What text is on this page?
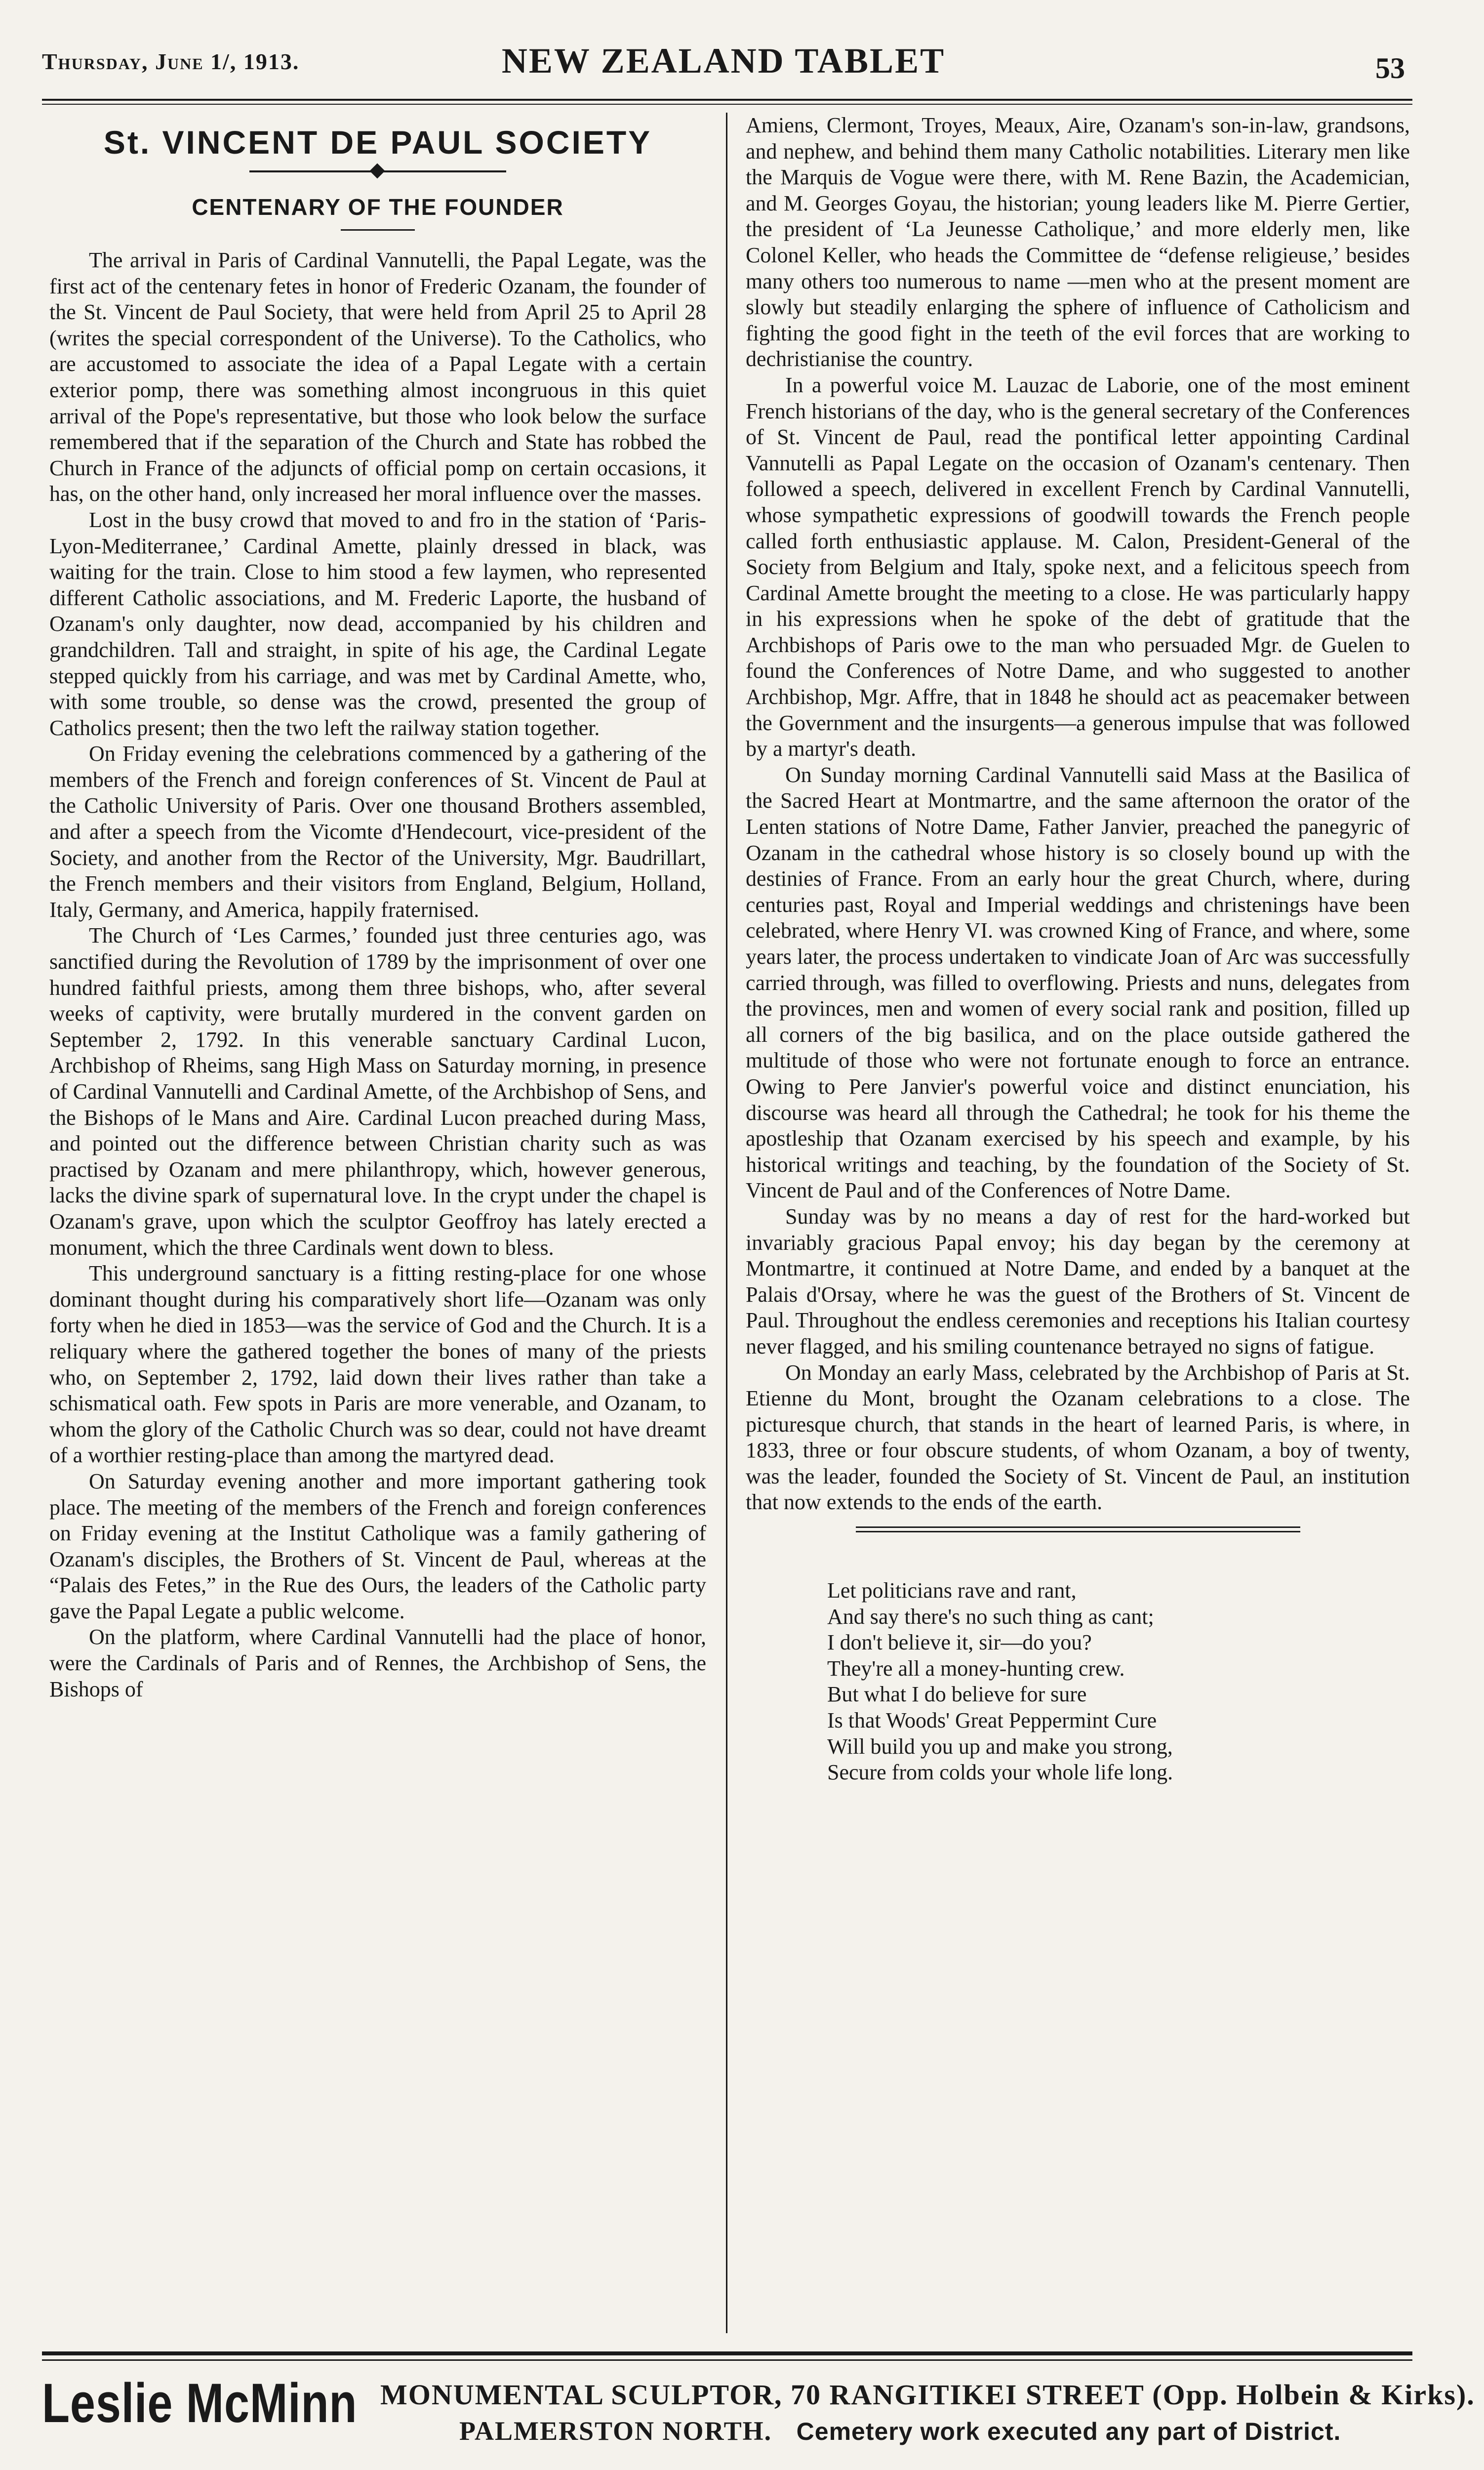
Thursday, June 1/, 1913.	NEW ZEALAND TABLET	53
St. VINCENT DE PAUL SOCIETY
CENTENARY OF THE FOUNDER

The arrival in Paris of Cardinal Vannutelli, the Papal Legate, was the first act of the centenary fetes in honor of Frederic Ozanam, the founder of the St. Vincent de Paul Society, that were held from April 25 to April 28 (writes the special correspondent of the Universe). To the Catholics, who are accustomed to associate the idea of a Papal Legate with a certain exterior pomp, there was something almost incongruous in this quiet arrival of the Pope's representative, but those who look below the surface remembered that if the separation of the Church and State has robbed the Church in France of the adjuncts of official pomp on certain occasions, it has, on the other hand, only increased her moral influence over the masses.

Lost in the busy crowd that moved to and fro in the station of ‘Paris-Lyon-Mediterranee,’ Cardinal Amette, plainly dressed in black, was waiting for the train. Close to him stood a few laymen, who represented different Catholic associations, and M. Frederic Laporte, the husband of Ozanam's only daughter, now dead, accompanied by his children and grandchildren. Tall and straight, in spite of his age, the Cardinal Legate stepped quickly from his carriage, and was met by Cardinal Amette, who, with some trouble, so dense was the crowd, presented the group of Catholics present; then the two left the railway station together.

On Friday evening the celebrations commenced by a gathering of the members of the French and foreign conferences of St. Vincent de Paul at the Catholic University of Paris. Over one thousand Brothers assembled, and after a speech from the Vicomte d'Hendecourt, vice-president of the Society, and another from the Rector of the University, Mgr. Baudrillart, the French members and their visitors from England, Belgium, Holland, Italy, Germany, and America, happily fraternised.

The Church of ‘Les Carmes,’ founded just three centuries ago, was sanctified during the Revolution of 1789 by the imprisonment of over one hundred faithful priests, among them three bishops, who, after several weeks of captivity, were brutally murdered in the convent garden on September 2, 1792. In this venerable sanctuary Cardinal Lucon, Archbishop of Rheims, sang High Mass on Saturday morning, in presence of Cardinal Vannutelli and Cardinal Amette, of the Archbishop of Sens, and the Bishops of le Mans and Aire. Cardinal Lucon preached during Mass, and pointed out the difference between Christian charity such as was practised by Ozanam and mere philanthropy, which, however generous, lacks the divine spark of supernatural love. In the crypt under the chapel is Ozanam's grave, upon which the sculptor Geoffroy has lately erected a monument, which the three Cardinals went down to bless.

This underground sanctuary is a fitting resting-place for one whose dominant thought during his comparatively short life—Ozanam was only forty when he died in 1853—was the service of God and the Church. It is a reliquary where the gathered together the bones of many of the priests who, on September 2, 1792, laid down their lives rather than take a schismatical oath. Few spots in Paris are more venerable, and Ozanam, to whom the glory of the Catholic Church was so dear, could not have dreamt of a worthier resting-place than among the martyred dead.

On Saturday evening another and more important gathering took place. The meeting of the members of the French and foreign conferences on Friday evening at the Institut Catholique was a family gathering of Ozanam's disciples, the Brothers of St. Vincent de Paul, whereas at the “Palais des Fetes,” in the Rue des Ours, the leaders of the Catholic party gave the Papal Legate a public welcome.

On the platform, where Cardinal Vannutelli had the place of honor, were the Cardinals of Paris and of Rennes, the Archbishop of Sens, the Bishops of

Amiens, Clermont, Troyes, Meaux, Aire, Ozanam's son-in-law, grandsons, and nephew, and behind them many Catholic notabilities. Literary men like the Marquis de Vogue were there, with M. Rene Bazin, the Academician, and M. Georges Goyau, the historian; young leaders like M. Pierre Gertier, the president of ‘La Jeunesse Catholique,’ and more elderly men, like Colonel Keller, who heads the Committee de “defense religieuse,’ besides many others too numerous to name —men who at the present moment are slowly but steadily enlarging the sphere of influence of Catholicism and fighting the good fight in the teeth of the evil forces that are working to dechristianise the country.

In a powerful voice M. Lauzac de Laborie, one of the most eminent French historians of the day, who is the general secretary of the Conferences of St. Vincent de Paul, read the pontifical letter appointing Cardinal Vannutelli as Papal Legate on the occasion of Ozanam's centenary. Then followed a speech, delivered in excellent French by Cardinal Vannutelli, whose sympathetic expressions of goodwill towards the French people called forth enthusiastic applause. M. Calon, President-General of the Society from Belgium and Italy, spoke next, and a felicitous speech from Cardinal Amette brought the meeting to a close. He was particularly happy in his expressions when he spoke of the debt of gratitude that the Archbishops of Paris owe to the man who persuaded Mgr. de Guelen to found the Conferences of Notre Dame, and who suggested to another Archbishop, Mgr. Affre, that in 1848 he should act as peacemaker between the Government and the insurgents—a generous impulse that was followed by a martyr's death.

On Sunday morning Cardinal Vannutelli said Mass at the Basilica of the Sacred Heart at Montmartre, and the same afternoon the orator of the Lenten stations of Notre Dame, Father Janvier, preached the panegyric of Ozanam in the cathedral whose history is so closely bound up with the destinies of France. From an early hour the great Church, where, during centuries past, Royal and Imperial weddings and christenings have been celebrated, where Henry VI. was crowned King of France, and where, some years later, the process undertaken to vindicate Joan of Arc was successfully carried through, was filled to overflowing. Priests and nuns, delegates from the provinces, men and women of every social rank and position, filled up all corners of the big basilica, and on the place outside gathered the multitude of those who were not fortunate enough to force an entrance. Owing to Pere Janvier's powerful voice and distinct enunciation, his discourse was heard all through the Cathedral; he took for his theme the apostleship that Ozanam exercised by his speech and example, by his historical writings and teaching, by the foundation of the Society of St. Vincent de Paul and of the Conferences of Notre Dame.

Sunday was by no means a day of rest for the hard-worked but invariably gracious Papal envoy; his day began by the ceremony at Montmartre, it continued at Notre Dame, and ended by a banquet at the Palais d'Orsay, where he was the guest of the Brothers of St. Vincent de Paul. Throughout the endless ceremonies and receptions his Italian courtesy never flagged, and his smiling countenance betrayed no signs of fatigue.

On Monday an early Mass, celebrated by the Archbishop of Paris at St. Etienne du Mont, brought the Ozanam celebrations to a close. The picturesque church, that stands in the heart of learned Paris, is where, in 1833, three or four obscure students, of whom Ozanam, a boy of twenty, was the leader, founded the Society of St. Vincent de Paul, an institution that now extends to the ends of the earth.

Let politicians rave and rant,
And say there's no such thing as cant;
I don't believe it, sir—do you?
They're all a money-hunting crew.
But what I do believe for sure
Is that Woods' Great Peppermint Cure
Will build you up and make you strong,
Secure from colds your whole life long.
Leslie McMinn MONUMENTAL SCULPTOR, 70 RANGITIKEI STREET (Opp. Holbein & Kirks).
PALMERSTON NORTH. Cemetery work executed any part of District.
